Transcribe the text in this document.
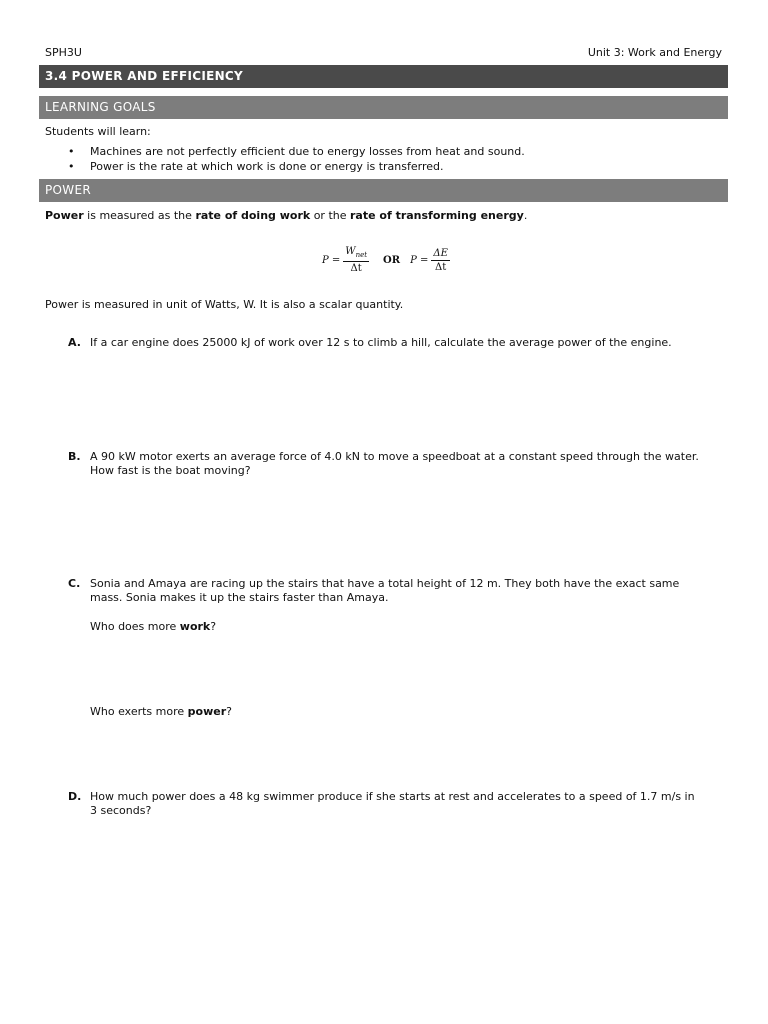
SPH3U	Unit 3: Work and Energy
3.4 POWER AND EFFICIENCY
LEARNING GOALS
Students will learn:
• Machines are not perfectly efficient due to energy losses from heat and sound.
• Power is the rate at which work is done or energy is transferred.
POWER
Power is measured as the rate of doing work or the rate of transforming energy.
$P = \frac{W_{net}}{\Delta t}$ OR $P = \frac{\Delta E}{\Delta t}$
Power is measured in unit of Watts, W. It is also a scalar quantity.
A. If a car engine does 25000 kJ of work over 12 s to climb a hill, calculate the average power of the engine.
B. A 90 kW motor exerts an average force of 4.0 kN to move a speedboat at a constant speed through the water.
How fast is the boat moving?
C. Sonia and Amaya are racing up the stairs that have a total height of 12 m. They both have the exact same
mass. Sonia makes it up the stairs faster than Amaya.
Who does more work?
Who exerts more power?
D. How much power does a 48 kg swimmer produce if she starts at rest and accelerates to a speed of 1.7 m/s in
3 seconds?
